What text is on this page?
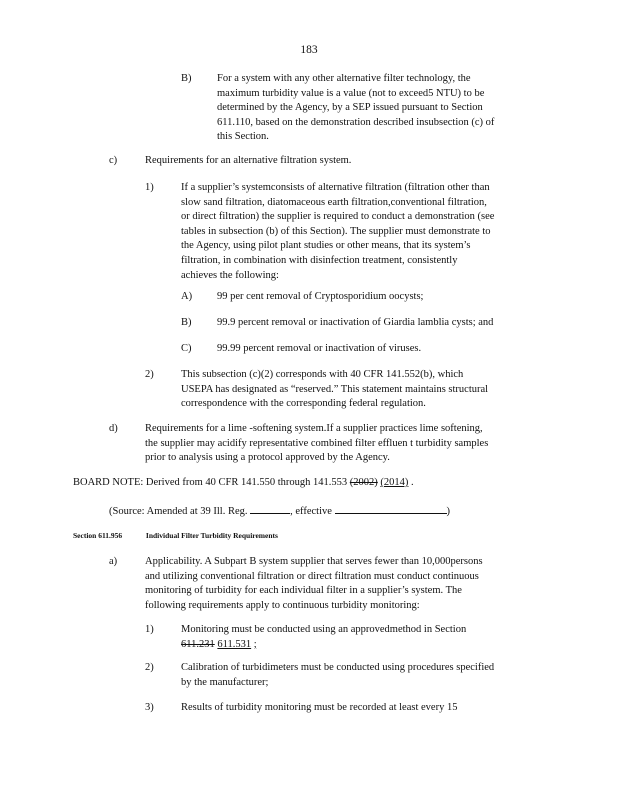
183
B) For a system with any other alternative filter technology, the
maximum turbidity value is a value (not to exceed5 NTU) to be
determined by the Agency, by a SEP issued pursuant to Section
611.110, based on the demonstration described insubsection (c) of
this Section.
c)	Requirements for an alternative filtration system.
1)	If a supplier’s systemconsists of alternative filtration (filtration other than
slow sand filtration, diatomaceous earth filtration,conventional filtration,
or direct filtration) the supplier is required to conduct a demonstration (see
tables in subsection (b) of this Section). The supplier must demonstrate to
the Agency, using pilot plant studies or other means, that its system’s
filtration, in combination with disinfection treatment, consistently
achieves the following:
A) 99 per cent removal of Cryptosporidium oocysts;
B) 99.9 percent removal or inactivation of Giardia lamblia cysts; and
C) 99.99 percent removal or inactivation of viruses.
2)	This subsection (c)(2) corresponds with 40 CFR 141.552(b), which
USEPA has designated as “reserved.” This statement maintains structural
correspondence with the corresponding federal regulation.
d)	Requirements for a lime -softening system.If a supplier practices lime softening,
the supplier may acidify representative combined filter effluen t turbidity samples
prior to analysis using a protocol approved by the Agency.
BOARD NOTE: Derived from 40 CFR 141.550 through 141.553 (2002) (2014) .
(Source: Amended at 39 Ill. Reg.	, effective	)
Section 611.956	Individual Filter Turbidity Requirements
a)	Applicability. A Subpart B system supplier that serves fewer than 10,000persons
and utilizing conventional filtration or direct filtration must conduct continuous
monitoring of turbidity for each individual filter in a supplier’s system. The
following requirements apply to continuous turbidity monitoring:
1)	Monitoring must be conducted using an approvedmethod in Section
611.231 611.531 ;
2)	Calibration of turbidimeters must be conducted using procedures specified
by the manufacturer;
3)	Results of turbidity monitoring must be recorded at least every 15
